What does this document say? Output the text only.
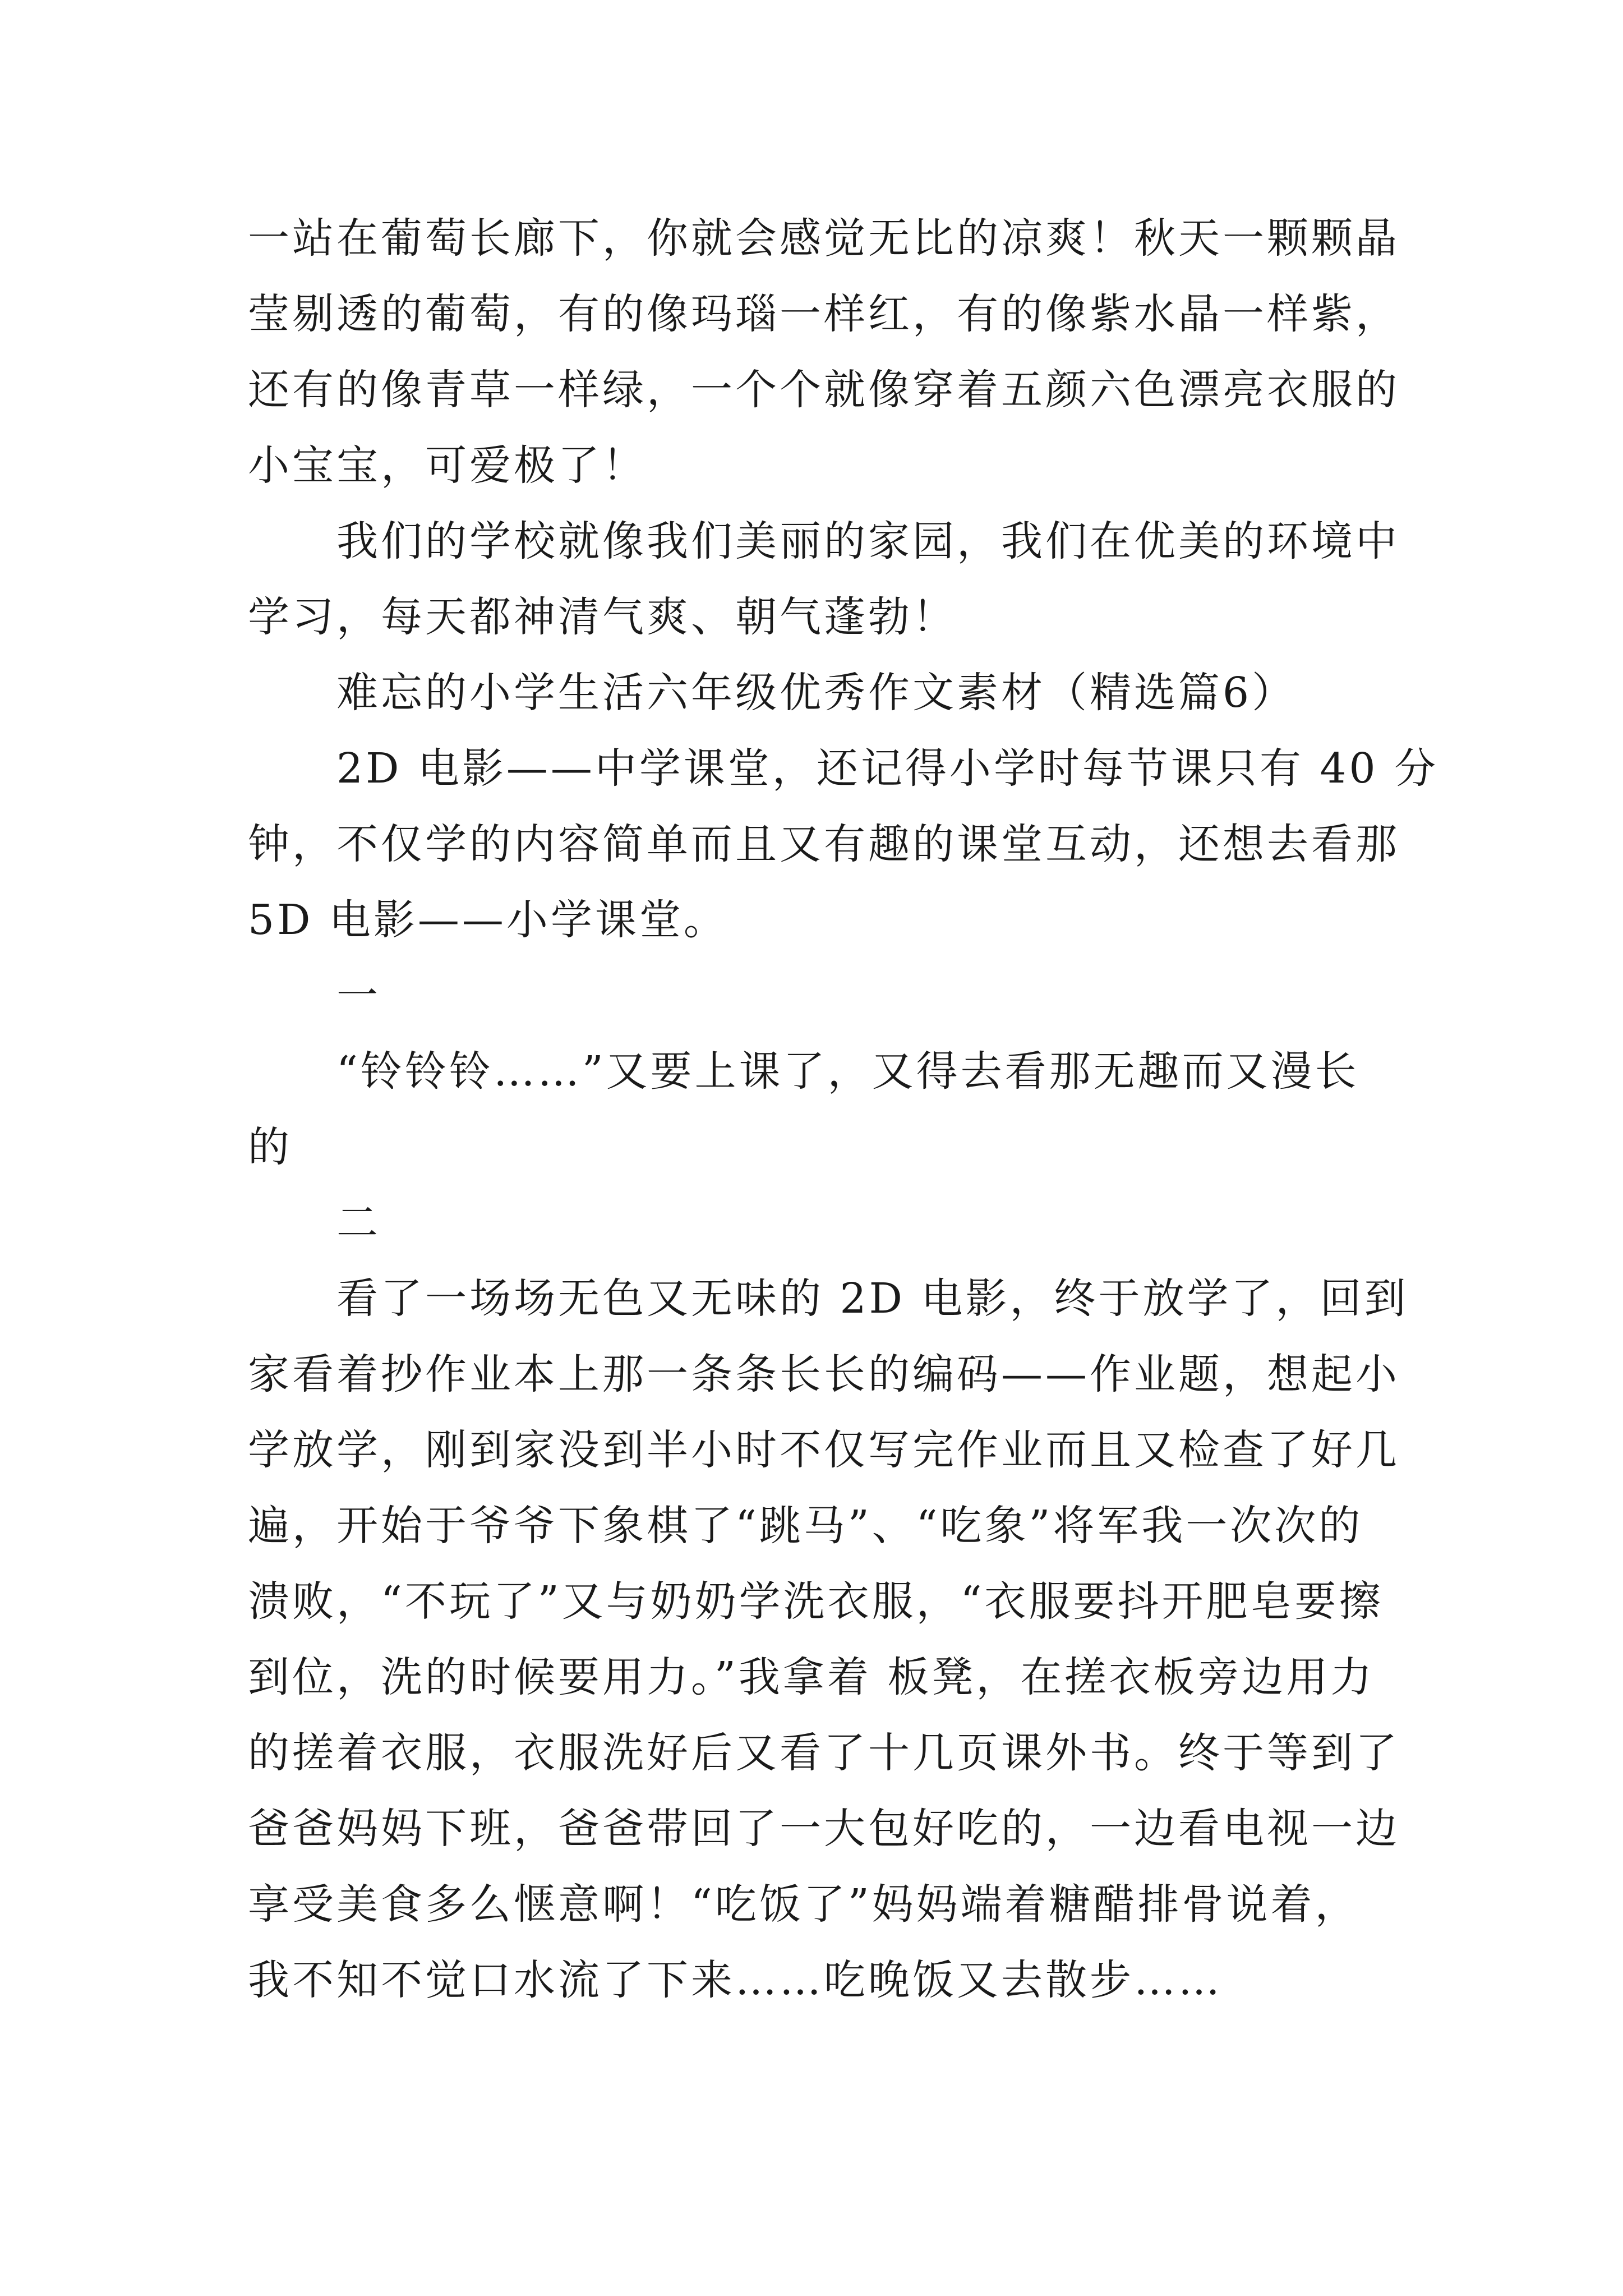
一站在葡萄长廊下，你就会感觉无比的凉爽！秋天一颗颗晶
莹剔透的葡萄，有的像玛瑙一样红，有的像紫水晶一样紫，
还有的像青草一样绿，一个个就像穿着五颜六色漂亮衣服的
小宝宝，可爱极了！
我们的学校就像我们美丽的家园，我们在优美的环境中
学习，每天都神清气爽、朝气蓬勃！
难忘的小学生活六年级优秀作文素材（精选篇6）
2D 电影——中学课堂，还记得小学时每节课只有 40 分
钟，不仅学的内容简单而且又有趣的课堂互动，还想去看那
5D 电影——小学课堂。
一
“铃铃铃……”又要上课了，又得去看那无趣而又漫长
的
二
看了一场场无色又无味的 2D 电影，终于放学了，回到
家看着抄作业本上那一条条长长的编码——作业题，想起小
学放学，刚到家没到半小时不仅写完作业而且又检查了好几
遍，开始于爷爷下象棋了“跳马”、“吃象”将军我一次次的
溃败，“不玩了”又与奶奶学洗衣服，“衣服要抖开肥皂要擦
到位，洗的时候要用力。”我拿着 板凳，在搓衣板旁边用力
的搓着衣服，衣服洗好后又看了十几页课外书。终于等到了
爸爸妈妈下班，爸爸带回了一大包好吃的，一边看电视一边
享受美食多么惬意啊！“吃饭了”妈妈端着糖醋排骨说着，
我不知不觉口水流了下来……吃晚饭又去散步……
